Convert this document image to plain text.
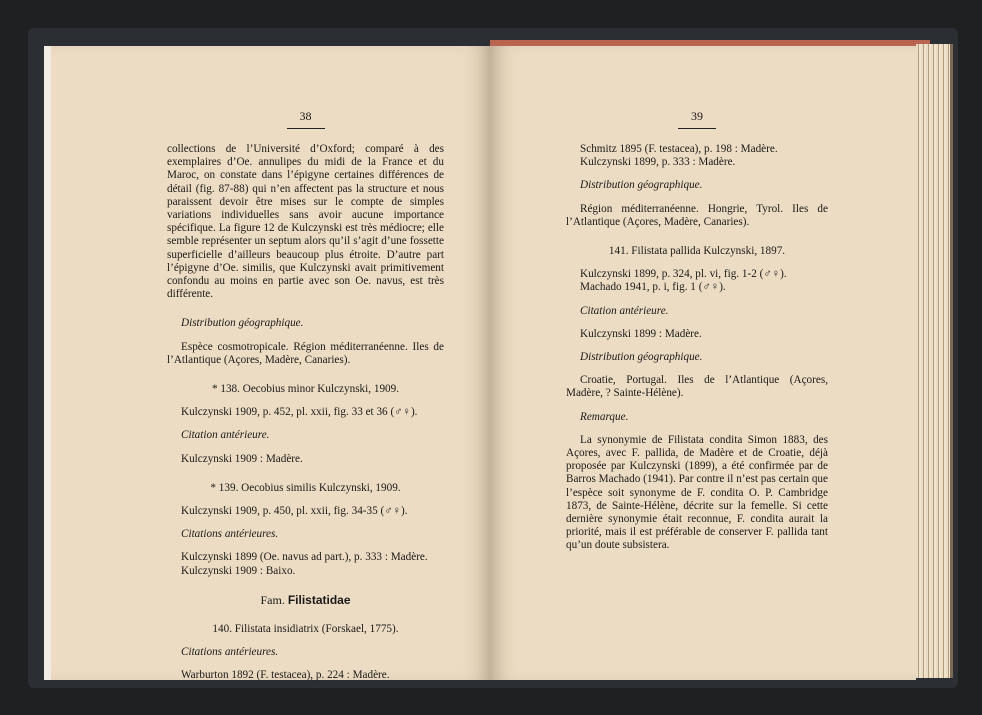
38

collections de l’Université d’Oxford; comparé à des exemplaires d’Oe. annulipes du midi de la France et du Maroc, on constate dans l’épigyne certaines différences de détail (fig. 87-88) qui n’en affectent pas la structure et nous paraissent devoir être mises sur le compte de simples variations individuelles sans avoir aucune importance spécifique. La figure 12 de Kulczynski est très médiocre; elle semble représenter un septum alors qu’il s’agit d’une fossette superficielle d’ailleurs beaucoup plus étroite. D’autre part l’épigyne d’Oe. similis, que Kulczynski avait primitivement confondu au moins en partie avec son Oe. navus, est très différente.

Distribution géographique.

Espèce cosmotropicale. Région méditerranéenne. Iles de l’Atlantique (Açores, Madère, Canaries).

* 138. Oecobius minor Kulczynski, 1909.

Kulczynski 1909, p. 452, pl. xxii, fig. 33 et 36 (♂♀).

Citation antérieure.

Kulczynski 1909 : Madère.

* 139. Oecobius similis Kulczynski, 1909.

Kulczynski 1909, p. 450, pl. xxii, fig. 34-35 (♂♀).

Citations antérieures.

Kulczynski 1899 (Oe. navus ad part.), p. 333 : Madère.

Kulczynski 1909 : Baixo.

Fam. Filistatidae

140. Filistata insidiatrix (Forskael, 1775).

Citations antérieures.

Warburton 1892 (F. testacea), p. 224 : Madère.

39

Schmitz 1895 (F. testacea), p. 198 : Madère.

Kulczynski 1899, p. 333 : Madère.

Distribution géographique.

Région méditerranéenne. Hongrie, Tyrol. Iles de l’Atlantique (Açores, Madère, Canaries).

141. Filistata pallida Kulczynski, 1897.

Kulczynski 1899, p. 324, pl. vi, fig. 1-2 (♂♀).

Machado 1941, p. i, fig. 1 (♂♀).

Citation antérieure.

Kulczynski 1899 : Madère.

Distribution géographique.

Croatie, Portugal. Iles de l’Atlantique (Açores, Madère, ? Sainte-Hélène).

Remarque.

La synonymie de Filistata condita Simon 1883, des Açores, avec F. pallida, de Madère et de Croatie, déjà proposée par Kulczynski (1899), a été confirmée par de Barros Machado (1941). Par contre il n’est pas certain que l’espèce soit synonyme de F. condita O. P. Cambridge 1873, de Sainte-Hélène, décrite sur la femelle. Si cette dernière synonymie était reconnue, F. condita aurait la priorité, mais il est préférable de conserver F. pallida tant qu’un doute subsistera.
